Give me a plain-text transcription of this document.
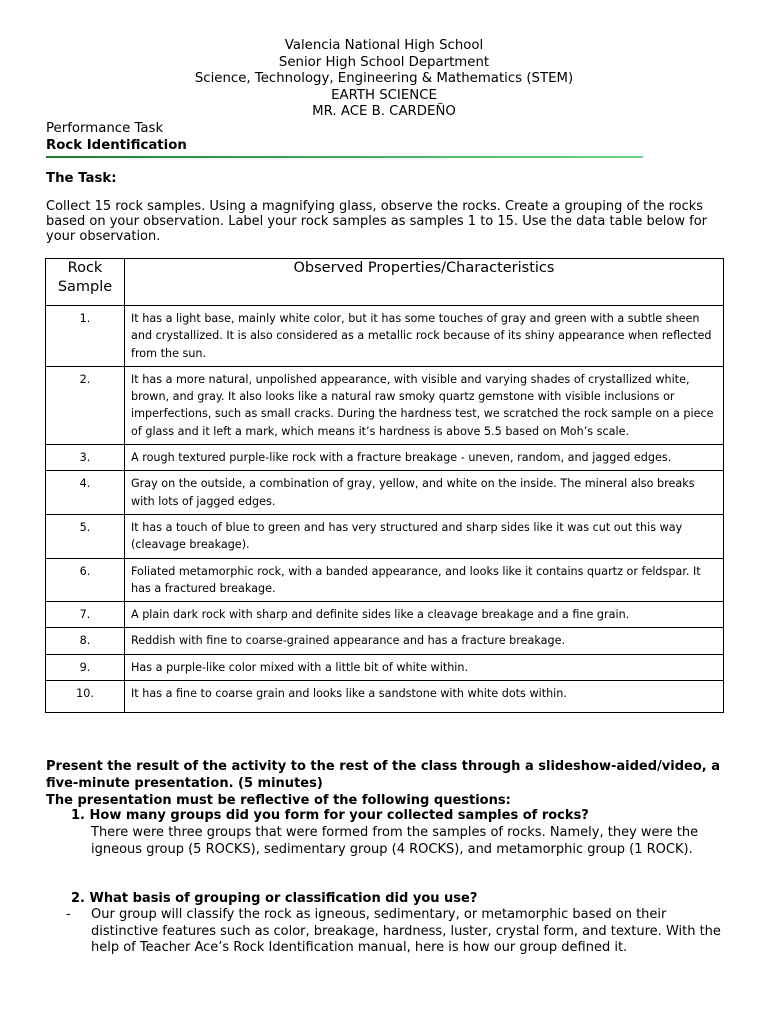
Valencia National High School
Senior High School Department
Science, Technology, Engineering & Mathematics (STEM)
EARTH SCIENCE
MR. ACE B. CARDEÑO
Performance Task
Rock Identification
The Task:
Collect 15 rock samples. Using a magnifying glass, observe the rocks. Create a grouping of the rocks based on your observation. Label your rock samples as samples 1 to 15. Use the data table below for your observation.
Rock
Sample	Observed Properties/Characteristics

1.	It has a light base, mainly white color, but it has some touches of gray and green with a subtle sheen and crystallized. It is also considered as a metallic rock because of its shiny appearance when reflected from the sun.
2.	It has a more natural, unpolished appearance, with visible and varying shades of crystallized white, brown, and gray. It also looks like a natural raw smoky quartz gemstone with visible inclusions or imperfections, such as small cracks. During the hardness test, we scratched the rock sample on a piece of glass and it left a mark, which means it’s hardness is above 5.5 based on Moh’s scale.
3.	A rough textured purple-like rock with a fracture breakage - uneven, random, and jagged edges.
4.	Gray on the outside, a combination of gray, yellow, and white on the inside. The mineral also breaks with lots of jagged edges.
5.	It has a touch of blue to green and has very structured and sharp sides like it was cut out this way (cleavage breakage).
6.	Foliated metamorphic rock, with a banded appearance, and looks like it contains quartz or feldspar. It has a fractured breakage.
7.	A plain dark rock with sharp and definite sides like a cleavage breakage and a fine grain.
8.	Reddish with fine to coarse-grained appearance and has a fracture breakage.
9.	Has a purple-like color mixed with a little bit of white within.
10.	It has a fine to coarse grain and looks like a sandstone with white dots within.
Present the result of the activity to the rest of the class through a slideshow-aided/video, a five-minute presentation. (5 minutes)
The presentation must be reflective of the following questions:
1. How many groups did you form for your collected samples of rocks?
There were three groups that were formed from the samples of rocks. Namely, they were the igneous group (5 ROCKS), sedimentary group (4 ROCKS), and metamorphic group (1 ROCK).
2. What basis of grouping or classification did you use?
- Our group will classify the rock as igneous, sedimentary, or metamorphic based on their distinctive features such as color, breakage, hardness, luster, crystal form, and texture. With the help of Teacher Ace’s Rock Identification manual, here is how our group defined it.
